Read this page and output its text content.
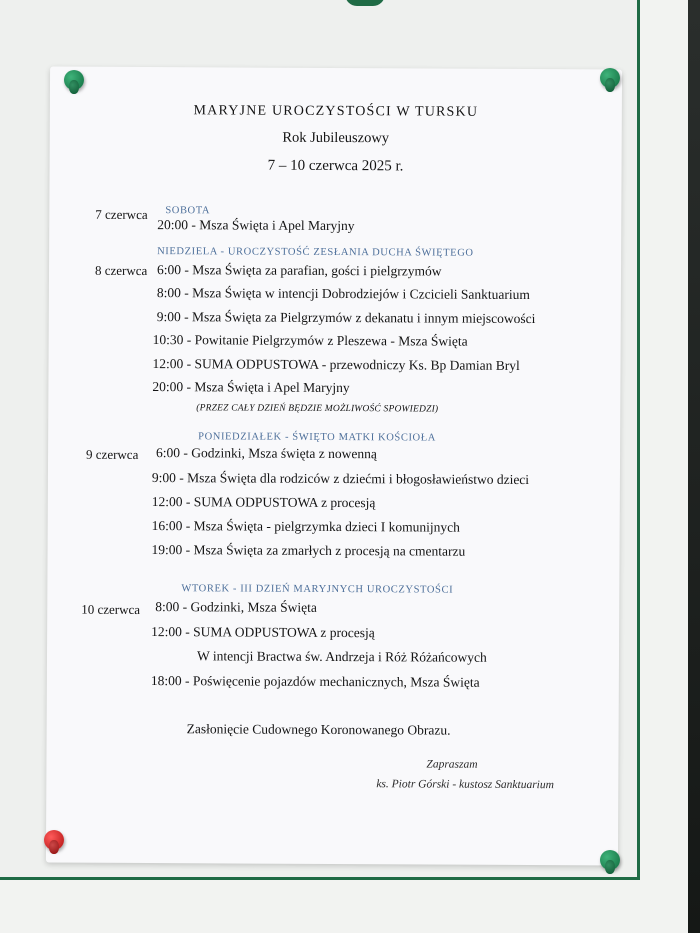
MARYJNE UROCZYSTOŚCI W TURSKU
Rok Jubileuszowy
7 – 10 czerwca 2025 r.
7 czerwca SOBOTA
20:00 - Msza Święta i Apel Maryjny
NIEDZIELA - UROCZYSTOŚĆ ZESŁANIA DUCHA ŚWIĘTEGO
8 czerwca 6:00 - Msza Święta za parafian, gości i pielgrzymów
8:00 - Msza Święta w intencji Dobrodziejów i Czcicieli Sanktuarium
9:00 - Msza Święta za Pielgrzymów z dekanatu i innym miejscowości
10:30 - Powitanie Pielgrzymów z Pleszewa - Msza Święta
12:00 - SUMA ODPUSTOWA - przewodniczy Ks. Bp Damian Bryl
20:00 - Msza Święta i Apel Maryjny
(PRZEZ CAŁY DZIEŃ BĘDZIE MOŻLIWOŚĆ SPOWIEDZI)
PONIEDZIAŁEK - ŚWIĘTO MATKI KOŚCIOŁA
9 czerwca 6:00 - Godzinki, Msza święta z nowenną
9:00 - Msza Święta dla rodziców z dziećmi i błogosławieństwo dzieci
12:00 - SUMA ODPUSTOWA z procesją
16:00 - Msza Święta - pielgrzymka dzieci I komunijnych
19:00 - Msza Święta za zmarłych z procesją na cmentarzu
WTOREK - III DZIEŃ MARYJNYCH UROCZYSTOŚCI
10 czerwca 8:00 - Godzinki, Msza Święta
12:00 - SUMA ODPUSTOWA z procesją
W intencji Bractwa św. Andrzeja i Róż Różańcowych
18:00 - Poświęcenie pojazdów mechanicznych, Msza Święta
Zasłonięcie Cudownego Koronowanego Obrazu.
Zapraszam
ks. Piotr Górski - kustosz Sanktuarium
